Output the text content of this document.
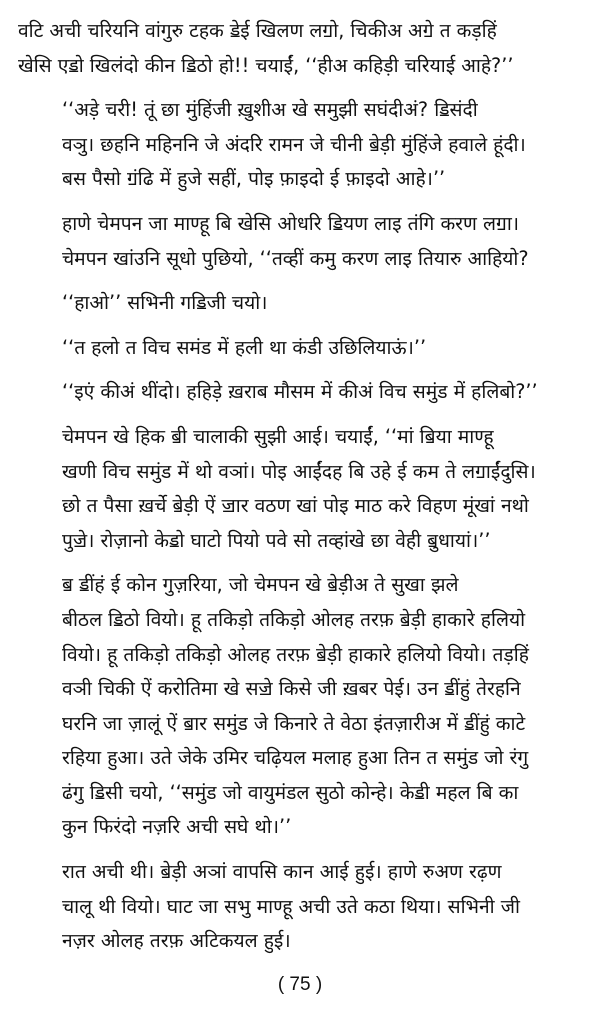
वटि अची चरियनि वांगुरु टहक ॾेई खिलण लॻो, चिकीअ अॻे त कड़हिं
खेसि एॾो खिलंदो कीन ॾिठो हो!! चयाईं, ‘‘हीअ कहिड़ी चरियाई आहे?’’

‘‘अड़े चरी! तूं छा मुंहिंजी ख़ुशीअ खे समुझी सघंदीअं? ॾिसंदी
वञु। छहनि महिननि जे अंदरि रामन जे चीनी ॿेड़ी मुंहिंजे हवाले हूंदी।
बस पैसो ॻंढि में हुजे सहीं, पोइ फ़ाइदो ई फ़ाइदो आहे।’’

हाणे चेमपन जा माण्हू बि खेसि ओधरि ॾियण लाइ तंगि करण लॻा।
चेमपन खांउनि सूधो पुछियो, ‘‘तव्हीं कमु करण लाइ तियारु आहियो?

‘‘हाओ’’ सभिनी गॾिजी चयो।

‘‘त हलो त विच समंड में हली था कंडी उछिलियाऊं।’’

‘‘इएं कीअं थींदो। हहिड़े ख़राब मौसम में कीअं विच समुंड में हलिबो?’’

चेमपन खे हिक ॿी चालाकी सुझी आई। चयाईं, ‘‘मां ॿिया माण्हू
खणी विच समुंड में थो वञां। पोइ आईंदह बि उहे ई कम ते लॻाईंदुसि।
छो त पैसा ख़र्चे ॿेड़ी ऐं ॼार वठण खां पोइ माठ करे विहण मूंखां नथो
पुॼे। रोज़ानो केॾो घाटो पियो पवे सो तव्हांखे छा वेही ॿुधायां।’’

ॿ ॾींहं ई कोन गुज़रिया, जो चेमपन खे ॿेड़ीअ ते सुखा झले
बीठल ॾिठो वियो। हू तकिड़ो तकिड़ो ओलह तरफ़ ॿेड़ी हाकारे हलियो
वियो। हू तकिड़ो तकिड़ो ओलह तरफ़ ॿेड़ी हाकारे हलियो वियो। तड़हिं
वञी चिकी ऐं करोतिमा खे सॼे किसे जी ख़बर पेई। उन ॾींहुं तेरहनि
घरनि जा ज़ालूं ऐं ॿार समुंड जे किनारे ते वेठा इंतज़ारीअ में ॾींहुं काटे
रहिया हुआ। उते जेके उमिर चढ़ियल मलाह हुआ तिन त समुंड जो रंगु
ढंगु ॾिसी चयो, ‘‘समुंड जो वायुमंडल सुठो कोन्हे। केॾी महल बि का
कुन फिरंदो नज़रि अची सघे थो।’’

रात अची थी। ॿेड़ी अञां वापसि कान आई हुई। हाणे रुअण रढ़ण
चालू थी वियो। घाट जा सभु माण्हू अची उते कठा थिया। सभिनी जी
नज़र ओलह तरफ़ अटिकयल हुई।

( 75 )
